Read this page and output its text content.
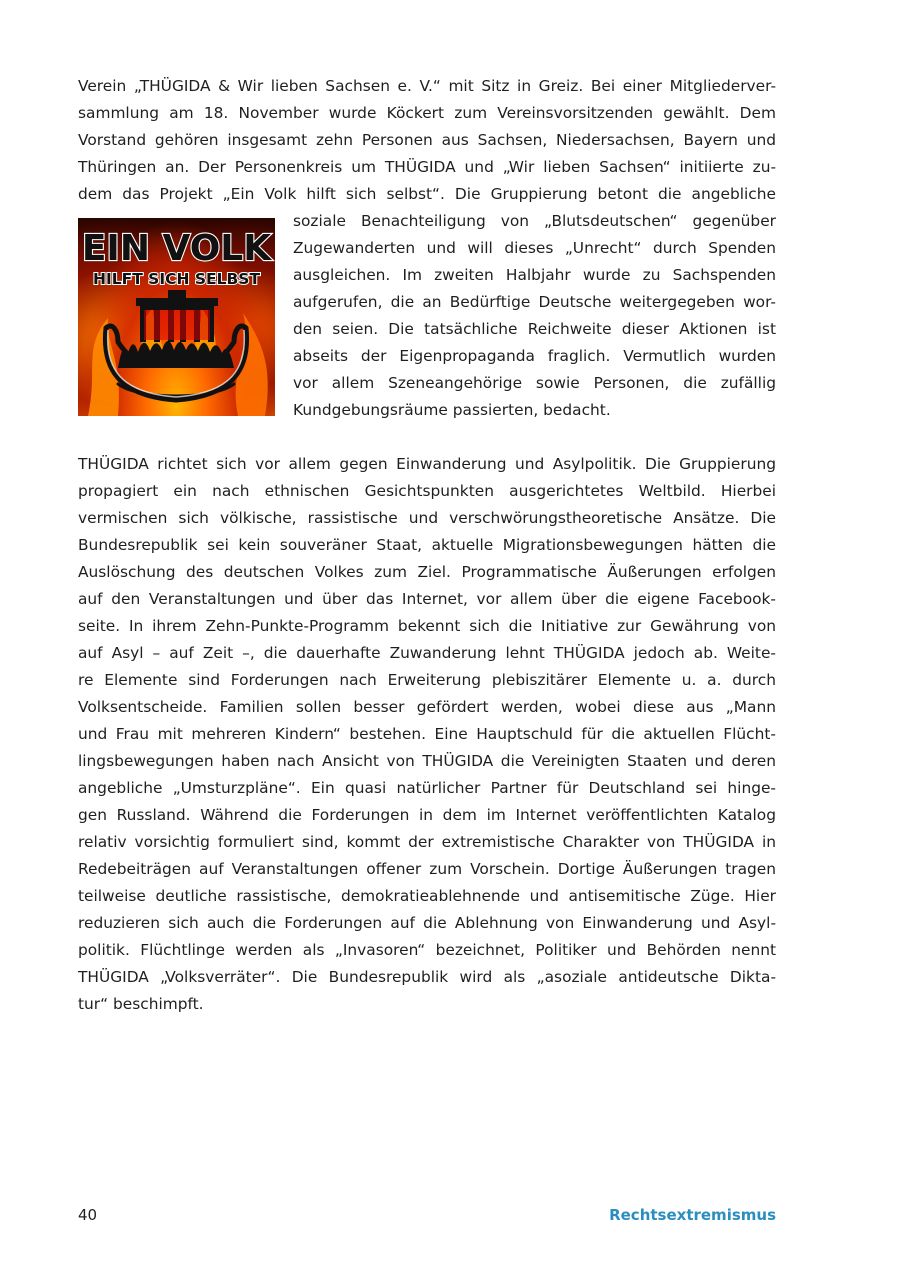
Verein „THÜGIDA & Wir lieben Sachsen e. V.“ mit Sitz in Greiz. Bei einer Mitgliederver-
sammlung am 18. November wurde Köckert zum Vereinsvorsitzenden gewählt. Dem
Vorstand gehören insgesamt zehn Personen aus Sachsen, Niedersachsen, Bayern und
Thüringen an. Der Personenkreis um THÜGIDA und „Wir lieben Sachsen“ initiierte zu-
dem das Projekt „Ein Volk hilft sich selbst“. Die Gruppierung betont die angebliche
EIN VOLK
HILFT SICH SELBST
soziale Benachteiligung von „Blutsdeutschen“ gegenüber
Zugewanderten und will dieses „Unrecht“ durch Spenden
ausgleichen. Im zweiten Halbjahr wurde zu Sachspenden
aufgerufen, die an Bedürftige Deutsche weitergegeben wor-
den seien. Die tatsächliche Reichweite dieser Aktionen ist
abseits der Eigenpropaganda fraglich. Vermutlich wurden
vor allem Szeneangehörige sowie Personen, die zufällig
Kundgebungsräume passierten, bedacht.
THÜGIDA richtet sich vor allem gegen Einwanderung und Asylpolitik. Die Gruppierung
propagiert ein nach ethnischen Gesichtspunkten ausgerichtetes Weltbild. Hierbei
vermischen sich völkische, rassistische und verschwörungstheoretische Ansätze. Die
Bundesrepublik sei kein souveräner Staat, aktuelle Migrationsbewegungen hätten die
Auslöschung des deutschen Volkes zum Ziel. Programmatische Äußerungen erfolgen
auf den Veranstaltungen und über das Internet, vor allem über die eigene Facebook-
seite. In ihrem Zehn-Punkte-Programm bekennt sich die Initiative zur Gewährung von
auf Asyl – auf Zeit –, die dauerhafte Zuwanderung lehnt THÜGIDA jedoch ab. Weite-
re Elemente sind Forderungen nach Erweiterung plebiszitärer Elemente u. a. durch
Volksentscheide. Familien sollen besser gefördert werden, wobei diese aus „Mann
und Frau mit mehreren Kindern“ bestehen. Eine Hauptschuld für die aktuellen Flücht-
lingsbewegungen haben nach Ansicht von THÜGIDA die Vereinigten Staaten und deren
angebliche „Umsturzpläne“. Ein quasi natürlicher Partner für Deutschland sei hinge-
gen Russland. Während die Forderungen in dem im Internet veröffentlichten Katalog
relativ vorsichtig formuliert sind, kommt der extremistische Charakter von THÜGIDA in
Redebeiträgen auf Veranstaltungen offener zum Vorschein. Dortige Äußerungen tragen
teilweise deutliche rassistische, demokratieablehnende und antisemitische Züge. Hier
reduzieren sich auch die Forderungen auf die Ablehnung von Einwanderung und Asyl-
politik. Flüchtlinge werden als „Invasoren“ bezeichnet, Politiker und Behörden nennt
THÜGIDA „Volksverräter“. Die Bundesrepublik wird als „asoziale antideutsche Dikta-
tur“ beschimpft.
40	Rechtsextremismus
